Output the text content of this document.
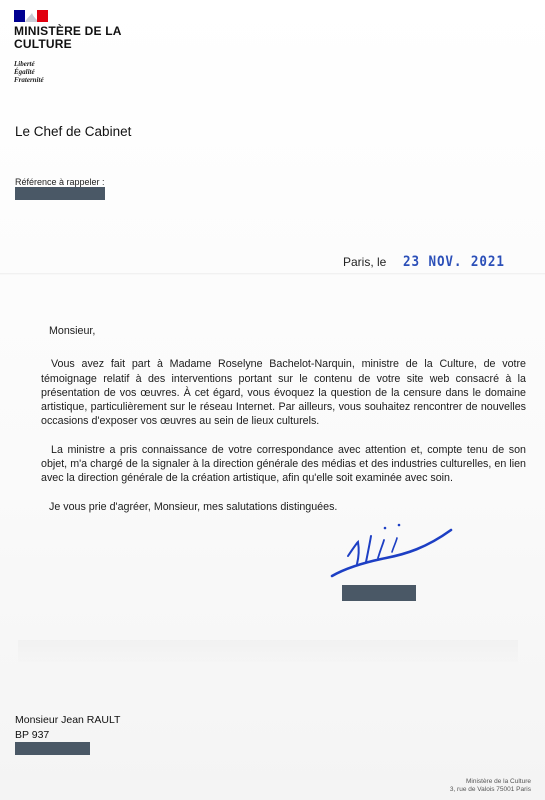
MINISTÈRE DE LA CULTURE
Liberté
Égalité
Fraternité
Le Chef de Cabinet
Référence à rappeler :
Paris, le 23 NOV. 2021

Monsieur,

Vous avez fait part à Madame Roselyne Bachelot-Narquin, ministre de la Culture, de votre témoignage relatif à des interventions portant sur le contenu de votre site web consacré à la présentation de vos œuvres. À cet égard, vous évoquez la question de la censure dans le domaine artistique, particulièrement sur le réseau Internet. Par ailleurs, vous souhaitez rencontrer de nouvelles occasions d'exposer vos œuvres au sein de lieux culturels.

La ministre a pris connaissance de votre correspondance avec attention et, compte tenu de son objet, m'a chargé de la signaler à la direction générale des médias et des industries culturelles, en lien avec la direction générale de la création artistique, afin qu'elle soit examinée avec soin.

Je vous prie d'agréer, Monsieur, mes salutations distinguées.

Monsieur Jean RAULT
BP 937
Ministère de la Culture
3, rue de Valois 75001 Paris
